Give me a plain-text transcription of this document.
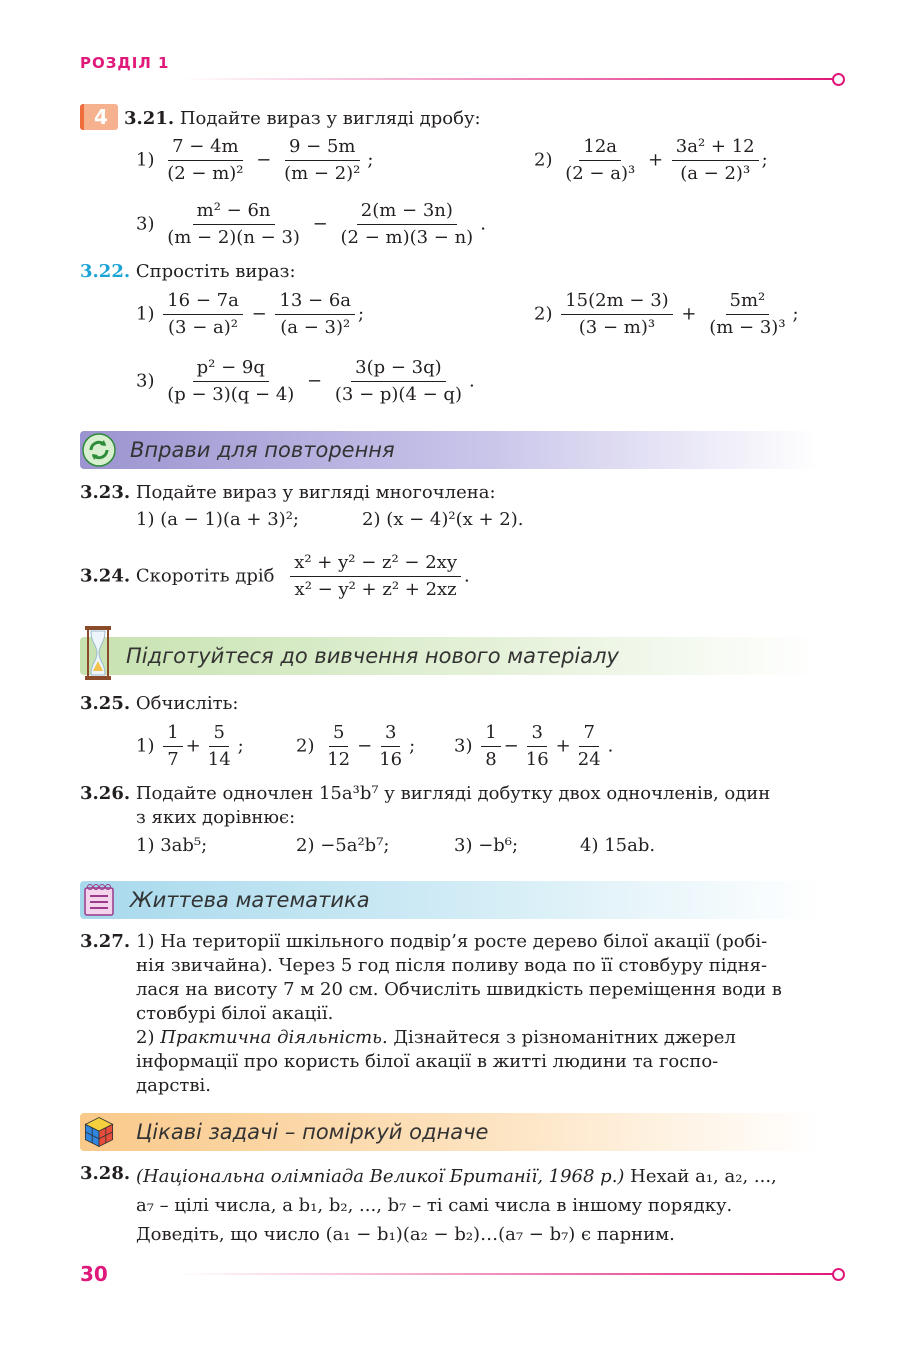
РОЗДІЛ 1
4 3.21. Подайте вираз у вигляді дробу:
$1) \frac{7 - 4m}{\text{(2 − m)²}} - \frac{9 - 5m}{\text{(m − 2)²}}$ ;	$2) \frac{12a}{\text{(2 − a)³}} + \frac{\text{3a² + 12}}{\text{(a − 2)³}}$ ;
$3) \frac{\text{m² − 6n}}{(m - 2)(n - 3)} - \frac{2(m - 3n)}{(2 - m)(3 - n)}$ .
3.22. Спростіть вираз:
$1) \frac{16 - 7a}{\text{(3 − a)²}} - \frac{13 - 6a}{\text{(a − 3)²}}$ ;	$2) \frac{15(2m - 3)}{\text{(3 − m)³}} + \frac{\text{5m²}}{\text{(m − 3)³}}$ ;
$3) \frac{\text{p² − 9q}}{(p - 3)(q - 4)} - \frac{3(p - 3q)}{(3 - p)(4 - q)}$ .
Вправи для повторення
3.23. Подайте вираз у вигляді многочлена:
1) (a − 1)(a + 3)²;	2) (x − 4)²(x + 2).
3.24. Скоротіть дріб $\frac{\text{x² + y² − z² − 2xy}}{\text{x² − y² + z² + 2xz}}$ .
Підготуйтеся до вивчення нового матеріалу
3.25. Обчисліть:
$1) \frac{1}{7} + \frac{5}{14}$ ;	$2) \frac{5}{12} - \frac{3}{16}$ ; $3) \frac{1}{8} - \frac{3}{16} + \frac{7}{24}$ .
3.26. Подайте одночлен 15a³b⁷ у вигляді добутку двох одночленів, один
з яких дорівнює:
1) 3ab⁵;	2) −5a²b⁷;	3) −b⁶;	4) 15ab.
Життева математика
3.27. 1) На території шкільного подвір’я росте дерево білої акації (робі-
нія звичайна). Через 5 год після поливу вода по її стовбуру підня-
лася на висоту 7 м 20 см. Обчисліть швидкість переміщення води в
стовбурі білої акації.
2) Практична діяльність. Дізнайтеся з різноманітних джерел
інформації про користь білої акації в житті людини та госпо-
дарстві.
Цікаві задачі – поміркуй одначе
3.28. (Національна олімпіада Великої Британії, 1968 р.) Нехай a₁, a₂, ...,
a₇ – цілі числа, а b₁, b₂, ..., b₇ – ті самі числа в іншому порядку.
Доведіть, що число (a₁ − b₁)(a₂ − b₂)…(a₇ − b₇) є парним.
30
